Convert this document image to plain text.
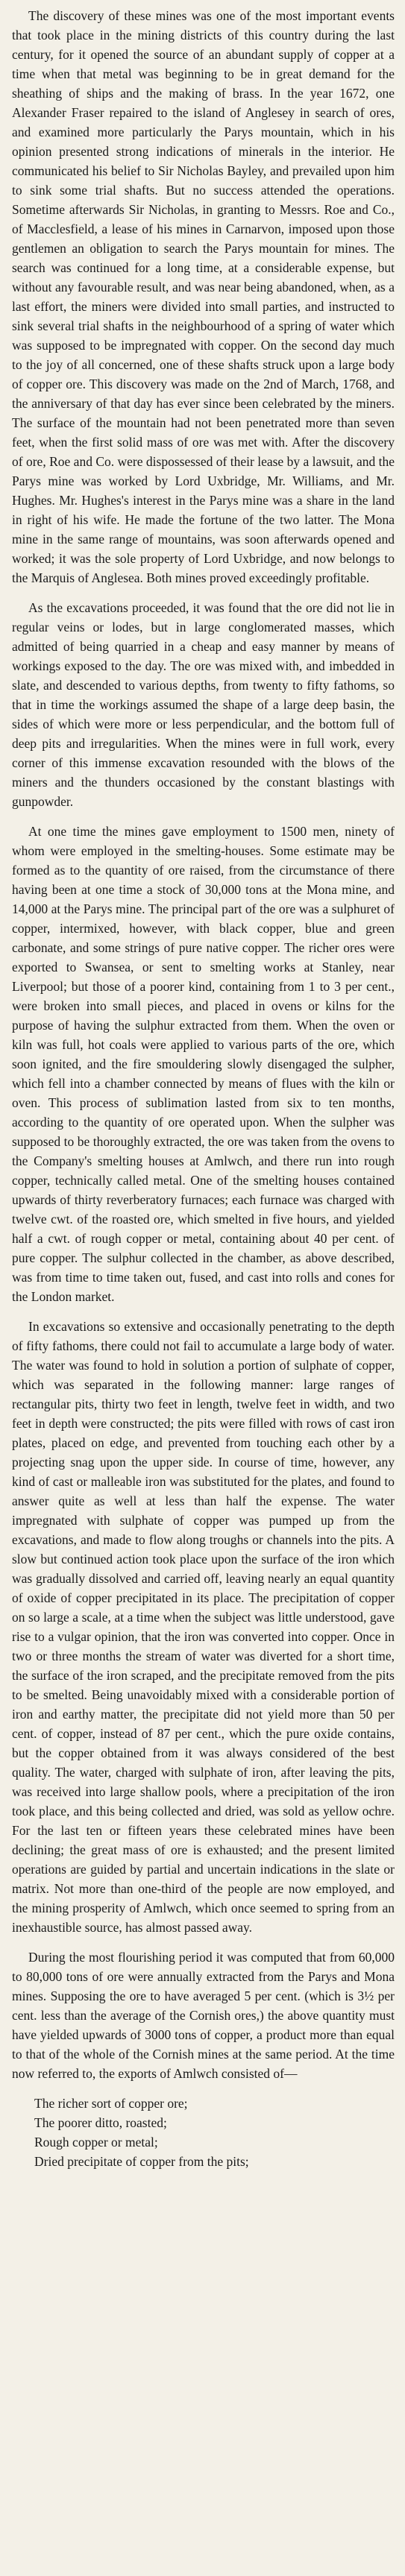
The discovery of these mines was one of the most important events that took place in the mining districts of this country during the last century, for it opened the source of an abundant supply of copper at a time when that metal was beginning to be in great demand for the sheathing of ships and the making of brass. In the year 1672, one Alexander Fraser repaired to the island of Anglesey in search of ores, and examined more particularly the Parys mountain, which in his opinion presented strong indications of minerals in the interior. He communicated his belief to Sir Nicholas Bayley, and prevailed upon him to sink some trial shafts. But no success attended the operations. Sometime afterwards Sir Nicholas, in granting to Messrs. Roe and Co., of Macclesfield, a lease of his mines in Carnarvon, imposed upon those gentlemen an obligation to search the Parys mountain for mines. The search was continued for a long time, at a considerable expense, but without any favourable result, and was near being abandoned, when, as a last effort, the miners were divided into small parties, and instructed to sink several trial shafts in the neighbourhood of a spring of water which was supposed to be impregnated with copper. On the second day much to the joy of all concerned, one of these shafts struck upon a large body of copper ore. This discovery was made on the 2nd of March, 1768, and the anniversary of that day has ever since been celebrated by the miners. The surface of the mountain had not been penetrated more than seven feet, when the first solid mass of ore was met with. After the discovery of ore, Roe and Co. were dispossessed of their lease by a lawsuit, and the Parys mine was worked by Lord Uxbridge, Mr. Williams, and Mr. Hughes. Mr. Hughes's interest in the Parys mine was a share in the land in right of his wife. He made the fortune of the two latter. The Mona mine in the same range of mountains, was soon afterwards opened and worked; it was the sole property of Lord Uxbridge, and now belongs to the Marquis of Anglesea. Both mines proved exceedingly profitable.

As the excavations proceeded, it was found that the ore did not lie in regular veins or lodes, but in large conglomerated masses, which admitted of being quarried in a cheap and easy manner by means of workings exposed to the day. The ore was mixed with, and imbedded in slate, and descended to various depths, from twenty to fifty fathoms, so that in time the workings assumed the shape of a large deep basin, the sides of which were more or less perpendicular, and the bottom full of deep pits and irregularities. When the mines were in full work, every corner of this immense excavation resounded with the blows of the miners and the thunders occasioned by the constant blastings with gunpowder.

At one time the mines gave employment to 1500 men, ninety of whom were employed in the smelting-houses. Some estimate may be formed as to the quantity of ore raised, from the circumstance of there having been at one time a stock of 30,000 tons at the Mona mine, and 14,000 at the Parys mine. The principal part of the ore was a sulphuret of copper, intermixed, however, with black copper, blue and green carbonate, and some strings of pure native copper. The richer ores were exported to Swansea, or sent to smelting works at Stanley, near Liverpool; but those of a poorer kind, containing from 1 to 3 per cent., were broken into small pieces, and placed in ovens or kilns for the purpose of having the sulphur extracted from them. When the oven or kiln was full, hot coals were applied to various parts of the ore, which soon ignited, and the fire smouldering slowly disengaged the sulpher, which fell into a chamber connected by means of flues with the kiln or oven. This process of sublimation lasted from six to ten months, according to the quantity of ore operated upon. When the sulpher was supposed to be thoroughly extracted, the ore was taken from the ovens to the Company's smelting houses at Amlwch, and there run into rough copper, technically called metal. One of the smelting houses contained upwards of thirty reverberatory furnaces; each furnace was charged with twelve cwt. of the roasted ore, which smelted in five hours, and yielded half a cwt. of rough copper or metal, containing about 40 per cent. of pure copper. The sulphur collected in the chamber, as above described, was from time to time taken out, fused, and cast into rolls and cones for the London market.

In excavations so extensive and occasionally penetrating to the depth of fifty fathoms, there could not fail to accumulate a large body of water. The water was found to hold in solution a portion of sulphate of copper, which was separated in the following manner: large ranges of rectangular pits, thirty two feet in length, twelve feet in width, and two feet in depth were constructed; the pits were filled with rows of cast iron plates, placed on edge, and prevented from touching each other by a projecting snag upon the upper side. In course of time, however, any kind of cast or malleable iron was substituted for the plates, and found to answer quite as well at less than half the expense. The water impregnated with sulphate of copper was pumped up from the excavations, and made to flow along troughs or channels into the pits. A slow but continued action took place upon the surface of the iron which was gradually dissolved and carried off, leaving nearly an equal quantity of oxide of copper precipitated in its place. The precipitation of copper on so large a scale, at a time when the subject was little understood, gave rise to a vulgar opinion, that the iron was converted into copper. Once in two or three months the stream of water was diverted for a short time, the surface of the iron scraped, and the precipitate removed from the pits to be smelted. Being unavoidably mixed with a considerable portion of iron and earthy matter, the precipitate did not yield more than 50 per cent. of copper, instead of 87 per cent., which the pure oxide contains, but the copper obtained from it was always considered of the best quality. The water, charged with sulphate of iron, after leaving the pits, was received into large shallow pools, where a precipitation of the iron took place, and this being collected and dried, was sold as yellow ochre. For the last ten or fifteen years these celebrated mines have been declining; the great mass of ore is exhausted; and the present limited operations are guided by partial and uncertain indications in the slate or matrix. Not more than one-third of the people are now employed, and the mining prosperity of Amlwch, which once seemed to spring from an inexhaustible source, has almost passed away.

During the most flourishing period it was computed that from 60,000 to 80,000 tons of ore were annually extracted from the Parys and Mona mines. Supposing the ore to have averaged 5 per cent. (which is 3½ per cent. less than the average of the Cornish ores,) the above quantity must have yielded upwards of 3000 tons of copper, a product more than equal to that of the whole of the Cornish mines at the same period. At the time now referred to, the exports of Amlwch consisted of—

The richer sort of copper ore;
The poorer ditto, roasted;
Rough copper or metal;
Dried precipitate of copper from the pits;
